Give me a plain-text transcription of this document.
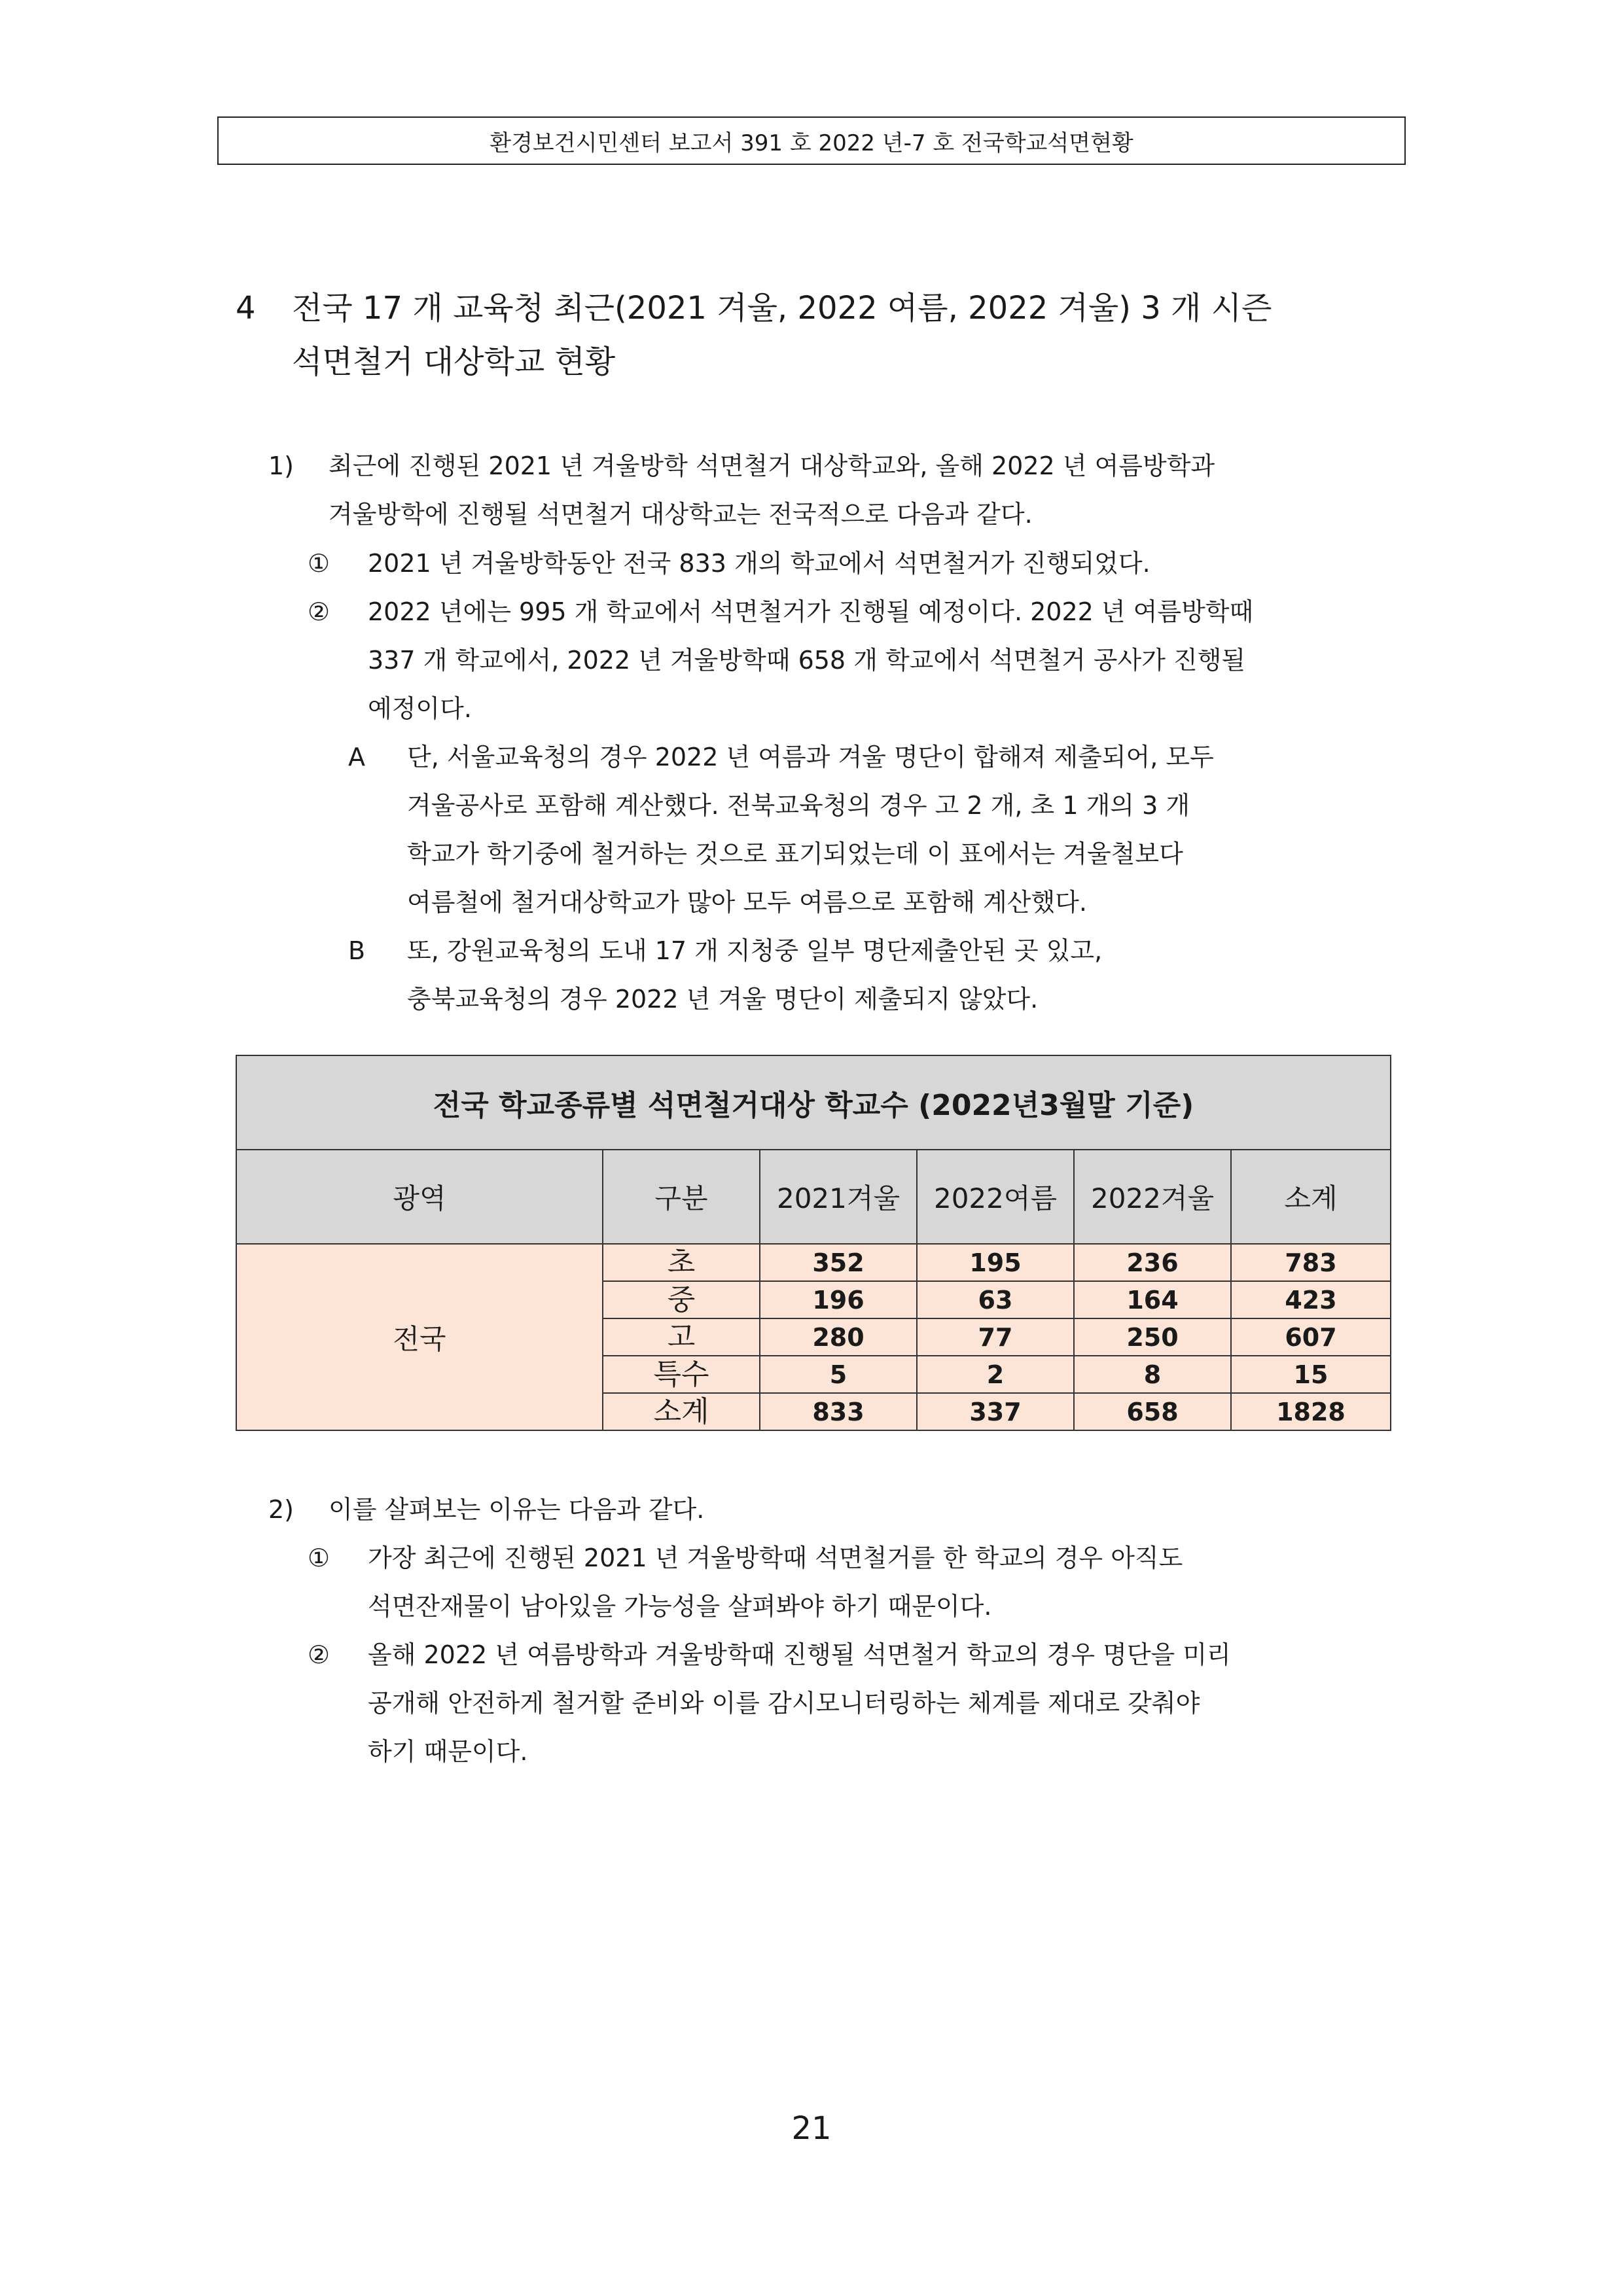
환경보건시민센터 보고서 391 호 2022 년-7 호 전국학교석면현황
4 전국 17 개 교육청 최근(2021 겨울, 2022 여름, 2022 겨울) 3 개 시즌
석면철거 대상학교 현황
1) 최근에 진행된 2021 년 겨울방학 석면철거 대상학교와, 올해 2022 년 여름방학과
겨울방학에 진행될 석면철거 대상학교는 전국적으로 다음과 같다.
① 2021 년 겨울방학동안 전국 833 개의 학교에서 석면철거가 진행되었다.
② 2022 년에는 995 개 학교에서 석면철거가 진행될 예정이다. 2022 년 여름방학때
337 개 학교에서, 2022 년 겨울방학때 658 개 학교에서 석면철거 공사가 진행될
예정이다.
A 단, 서울교육청의 경우 2022 년 여름과 겨울 명단이 합해져 제출되어, 모두
겨울공사로 포함해 계산했다. 전북교육청의 경우 고 2 개, 초 1 개의 3 개
학교가 학기중에 철거하는 것으로 표기되었는데 이 표에서는 겨울철보다
여름철에 철거대상학교가 많아 모두 여름으로 포함해 계산했다.
B 또, 강원교육청의 도내 17 개 지청중 일부 명단제출안된 곳 있고,
충북교육청의 경우 2022 년 겨울 명단이 제출되지 않았다.
전국 학교종류별 석면철거대상 학교수 (2022년3월말 기준)					
광역	구분	2021겨울	2022여름	2022겨울	소계
전국	초	352	195	236	783
	중	196	63	164	423
	고	280	77	250	607
	특수	5	2	8	15
	소계	833	337	658	1828
2) 이를 살펴보는 이유는 다음과 같다.
① 가장 최근에 진행된 2021 년 겨울방학때 석면철거를 한 학교의 경우 아직도
석면잔재물이 남아있을 가능성을 살펴봐야 하기 때문이다.
② 올해 2022 년 여름방학과 겨울방학때 진행될 석면철거 학교의 경우 명단을 미리
공개해 안전하게 철거할 준비와 이를 감시모니터링하는 체계를 제대로 갖춰야
하기 때문이다.
21
